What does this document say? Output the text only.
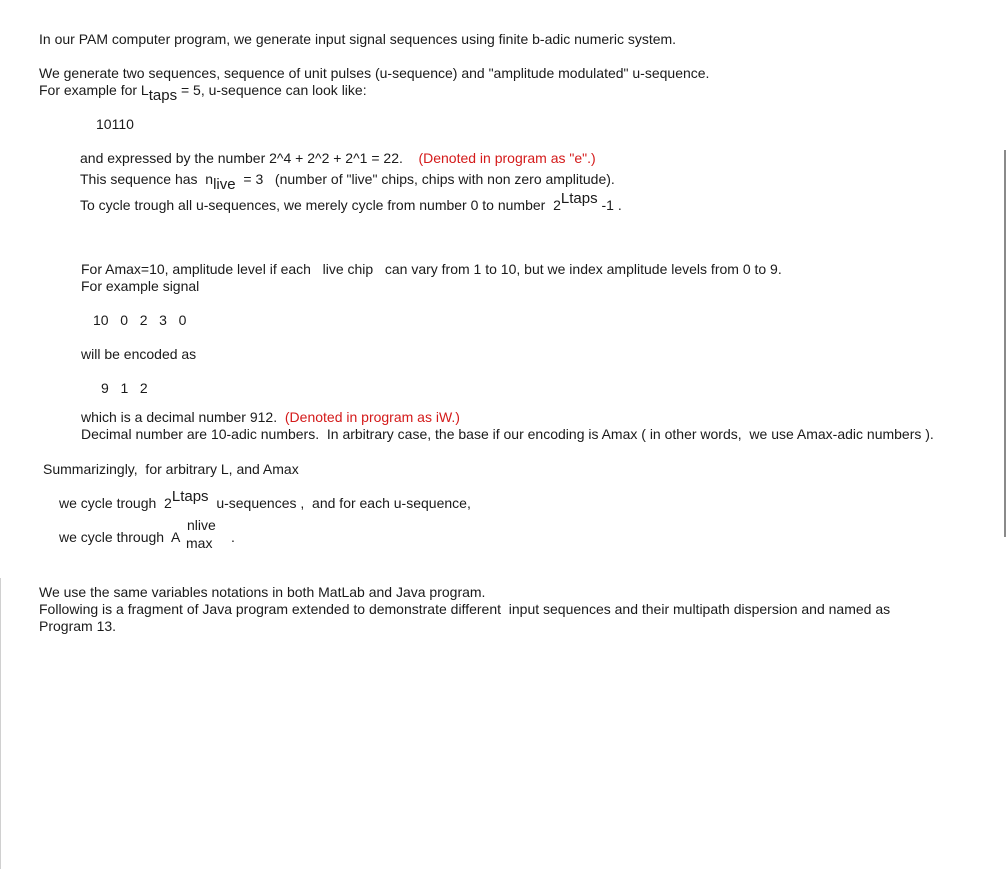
In our PAM computer program, we generate input signal sequences using finite b-adic numeric system.

We generate two sequences, sequence of unit pulses (u-sequence) and "amplitude modulated" u-sequence.

For example for Ltaps = 5, u-sequence can look like:

10110

and expressed by the number 2^4 + 2^2 + 2^1 = 22. (Denoted in program as "e".)

This sequence has  nlive  = 3   (number of "live" chips, chips with non zero amplitude).

To cycle trough all u-sequences, we merely cycle from number 0 to number  2Ltaps -1 .

For Amax=10, amplitude level if each   live chip   can vary from 1 to 10, but we index amplitude levels from 0 to 9.

For example signal

10   0   2   3   0

will be encoded as

9   1   2

which is a decimal number 912. (Denoted in program as iW.)

Decimal number are 10-adic numbers.  In arbitrary case, the base if our encoding is Amax ( in other words,  we use Amax-adic numbers ).

Summarizingly,  for arbitrary L, and Amax

we cycle trough  2Ltaps  u-sequences ,  and for each u-sequence,

we cycle through  A

nlive
max .

We use the same variables notations in both MatLab and Java program.

Following is a fragment of Java program extended to demonstrate different  input sequences and their multipath dispersion and named as

Program 13.
